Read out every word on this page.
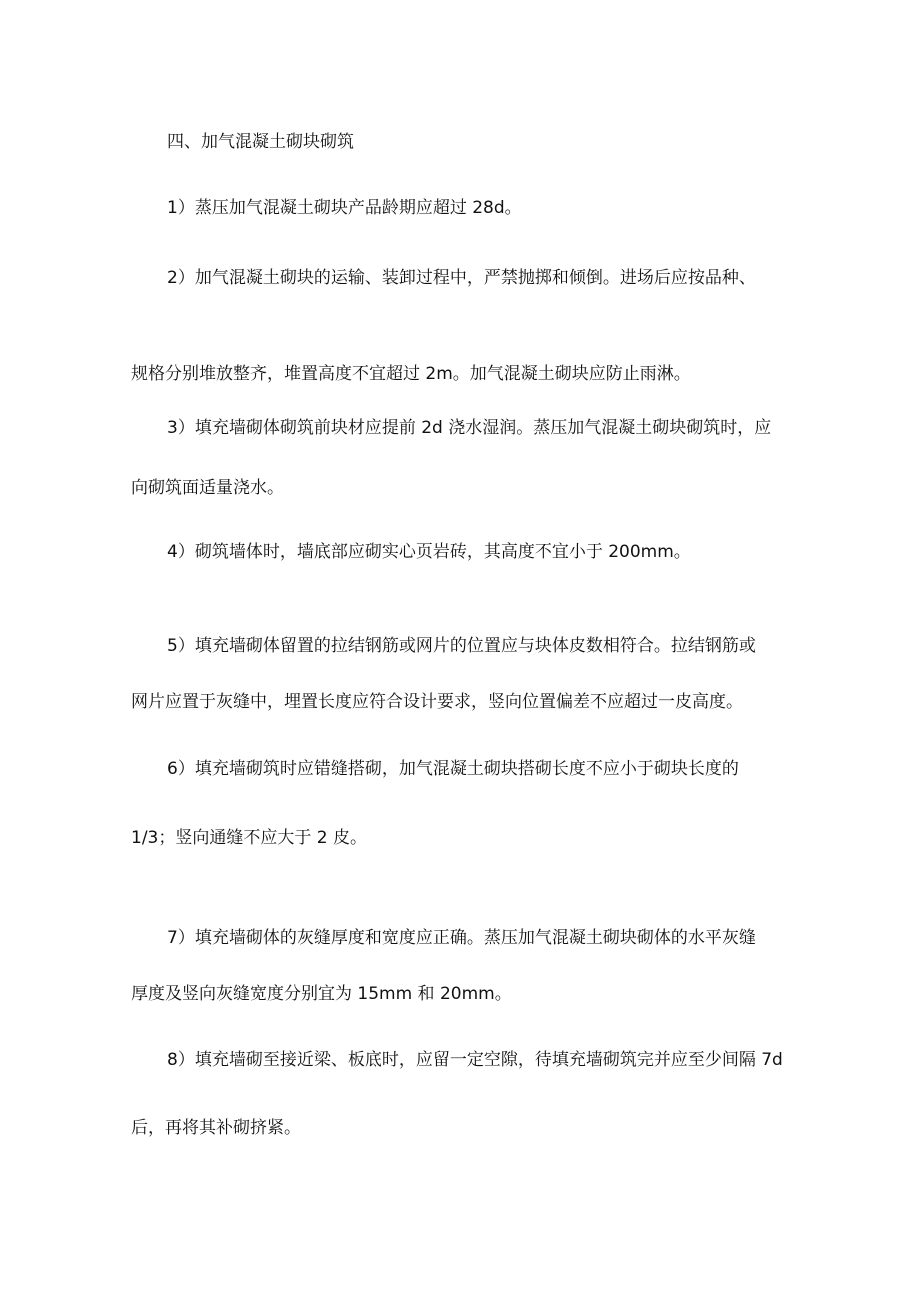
四、加气混凝土砌块砌筑

1）蒸压加气混凝土砌块产品龄期应超过 28d。

2）加气混凝土砌块的运输、装卸过程中，严禁抛掷和倾倒。进场后应按品种、

规格分别堆放整齐，堆置高度不宜超过 2m。加气混凝土砌块应防止雨淋。

3）填充墙砌体砌筑前块材应提前 2d 浇水湿润。蒸压加气混凝土砌块砌筑时，应

向砌筑面适量浇水。

4）砌筑墙体时，墙底部应砌实心页岩砖，其高度不宜小于 200mm。

5）填充墙砌体留置的拉结钢筋或网片的位置应与块体皮数相符合。拉结钢筋或

网片应置于灰缝中，埋置长度应符合设计要求，竖向位置偏差不应超过一皮高度。

6）填充墙砌筑时应错缝搭砌，加气混凝土砌块搭砌长度不应小于砌块长度的

1/3；竖向通缝不应大于 2 皮。

7）填充墙砌体的灰缝厚度和宽度应正确。蒸压加气混凝土砌块砌体的水平灰缝

厚度及竖向灰缝宽度分别宜为 15mm 和 20mm。

8）填充墙砌至接近梁、板底时，应留一定空隙，待填充墙砌筑完并应至少间隔 7d

后，再将其补砌挤紧。
